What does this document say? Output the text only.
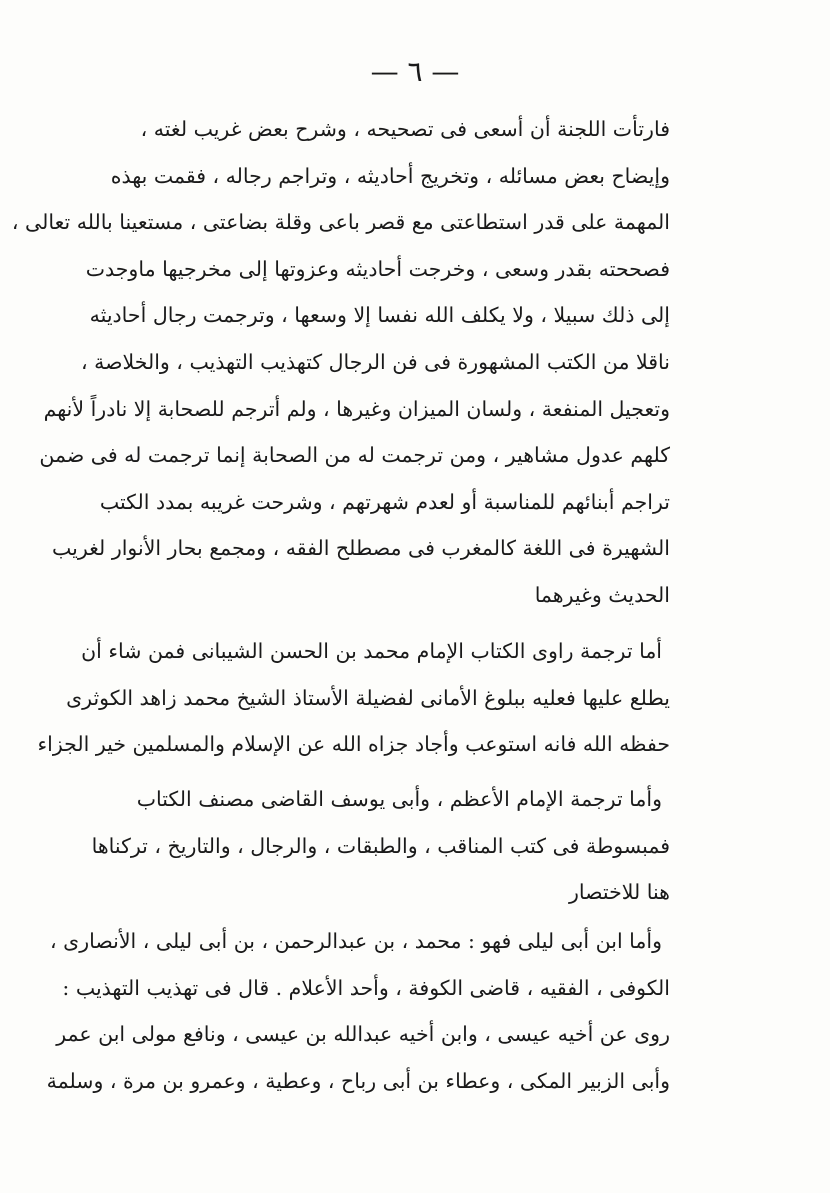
— ٦ —
فارتأت اللجنة أن أسعى فى تصحيحه ، وشرح بعض غريب لغته ،
وإيضاح بعض مسائله ، وتخريج أحاديثه ، وتراجم رجاله ، فقمت بهذه
المهمة على قدر استطاعتى مع قصر باعى وقلة بضاعتى ، مستعينا بالله تعالى ،
فصححته بقدر وسعى ، وخرجت أحاديثه وعزوتها إلى مخرجيها ماوجدت
إلى ذلك سبيلا ، ولا يكلف الله نفسا إلا وسعها ، وترجمت رجال أحاديثه
ناقلا من الكتب المشهورة فى فن الرجال كتهذيب التهذيب ، والخلاصة ،
وتعجيل المنفعة ، ولسان الميزان وغيرها ، ولم أترجم للصحابة إلا نادراً لأنهم
كلهم عدول مشاهير ، ومن ترجمت له من الصحابة إنما ترجمت له فى ضمن
تراجم أبنائهم للمناسبة أو لعدم شهرتهم ، وشرحت غريبه بمدد الكتب
الشهيرة فى اللغة كالمغرب فى مصطلح الفقه ، ومجمع بحار الأنوار لغريب
الحديث وغيرهما
أما ترجمة راوى الكتاب الإمام محمد بن الحسن الشيبانى فمن شاء أن
يطلع عليها فعليه ببلوغ الأمانى لفضيلة الأستاذ الشيخ محمد زاهد الكوثرى
حفظه الله فانه استوعب وأجاد جزاه الله عن الإسلام والمسلمين خير الجزاء
وأما ترجمة الإمام الأعظم ، وأبى يوسف القاضى مصنف الكتاب
فمبسوطة فى كتب المناقب ، والطبقات ، والرجال ، والتاريخ ، تركناها
هنا للاختصار
وأما ابن أبى ليلى فهو : محمد ، بن عبدالرحمن ، بن أبى ليلى ، الأنصارى ،
الكوفى ، الفقيه ، قاضى الكوفة ، وأحد الأعلام . قال فى تهذيب التهذيب :
روى عن أخيه عيسى ، وابن أخيه عبدالله بن عيسى ، ونافع مولى ابن عمر
وأبى الزبير المكى ، وعطاء بن أبى رباح ، وعطية ، وعمرو بن مرة ، وسلمة
